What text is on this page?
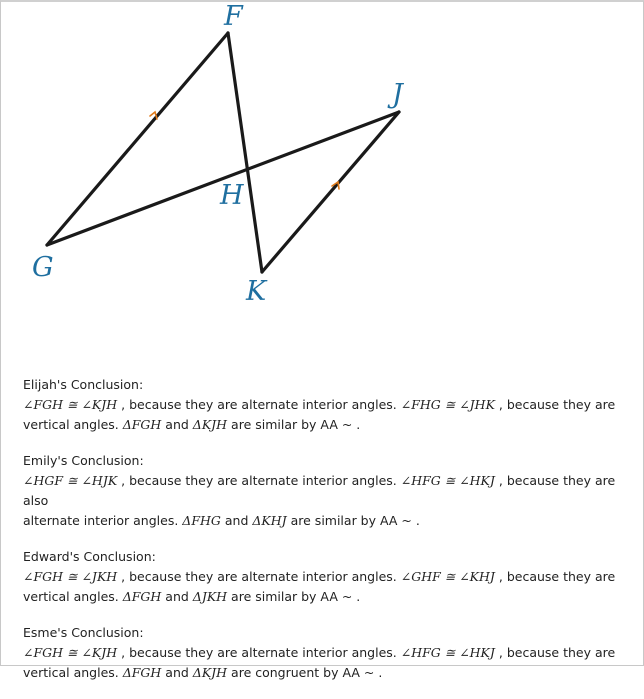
F
J
H
G
K
Elijah's Conclusion:
∠FGH ≅ ∠KJH , because they are alternate interior angles. ∠FHG ≅ ∠JHK , because they are
vertical angles. ΔFGH and ΔKJH are similar by AA ~ .
Emily's Conclusion:
∠HGF ≅ ∠HJK , because they are alternate interior angles. ∠HFG ≅ ∠HKJ , because they are also
alternate interior angles. ΔFHG and ΔKHJ are similar by AA ~ .
Edward's Conclusion:
∠FGH ≅ ∠JKH , because they are alternate interior angles. ∠GHF ≅ ∠KHJ , because they are
vertical angles. ΔFGH and ΔJKH are similar by AA ~ .
Esme's Conclusion:
∠FGH ≅ ∠KJH , because they are alternate interior angles. ∠HFG ≅ ∠HKJ , because they are
vertical angles. ΔFGH and ΔKJH are congruent by AA ~ .
